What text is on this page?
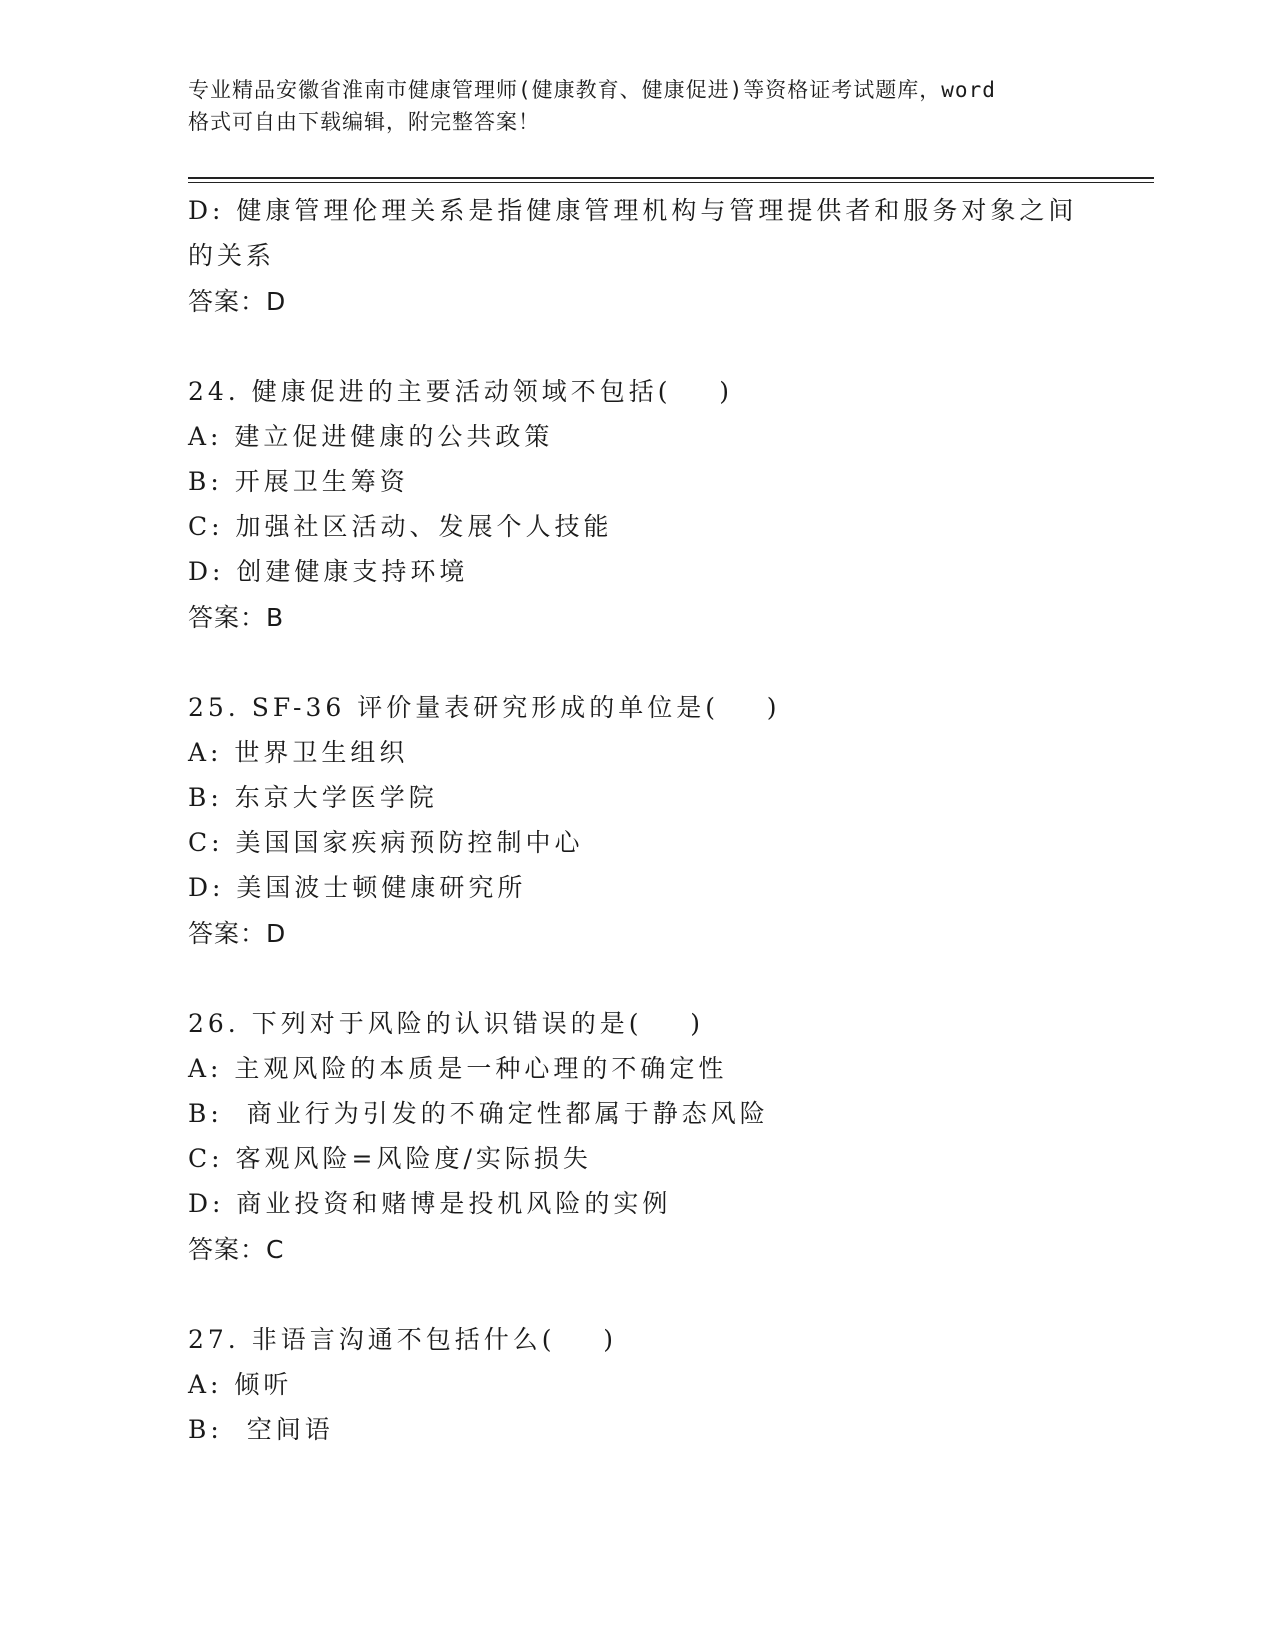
专业精品安徽省淮南市健康管理师(健康教育、健康促进)等资格证考试题库，word
格式可自由下载编辑，附完整答案！
D: 健康管理伦理关系是指健康管理机构与管理提供者和服务对象之间
的关系
答案：D
24. 健康促进的主要活动领域不包括(    )
A: 建立促进健康的公共政策
B: 开展卫生筹资
C: 加强社区活动、发展个人技能
D: 创建健康支持环境
答案：B
25. SF-36 评价量表研究形成的单位是(    )
A: 世界卫生组织
B: 东京大学医学院
C: 美国国家疾病预防控制中心
D: 美国波士顿健康研究所
答案：D
26. 下列对于风险的认识错误的是(    )
A: 主观风险的本质是一种心理的不确定性
B:  商业行为引发的不确定性都属于静态风险
C: 客观风险=风险度/实际损失
D: 商业投资和赌博是投机风险的实例
答案：C
27. 非语言沟通不包括什么(    )
A: 倾听
B:  空间语
